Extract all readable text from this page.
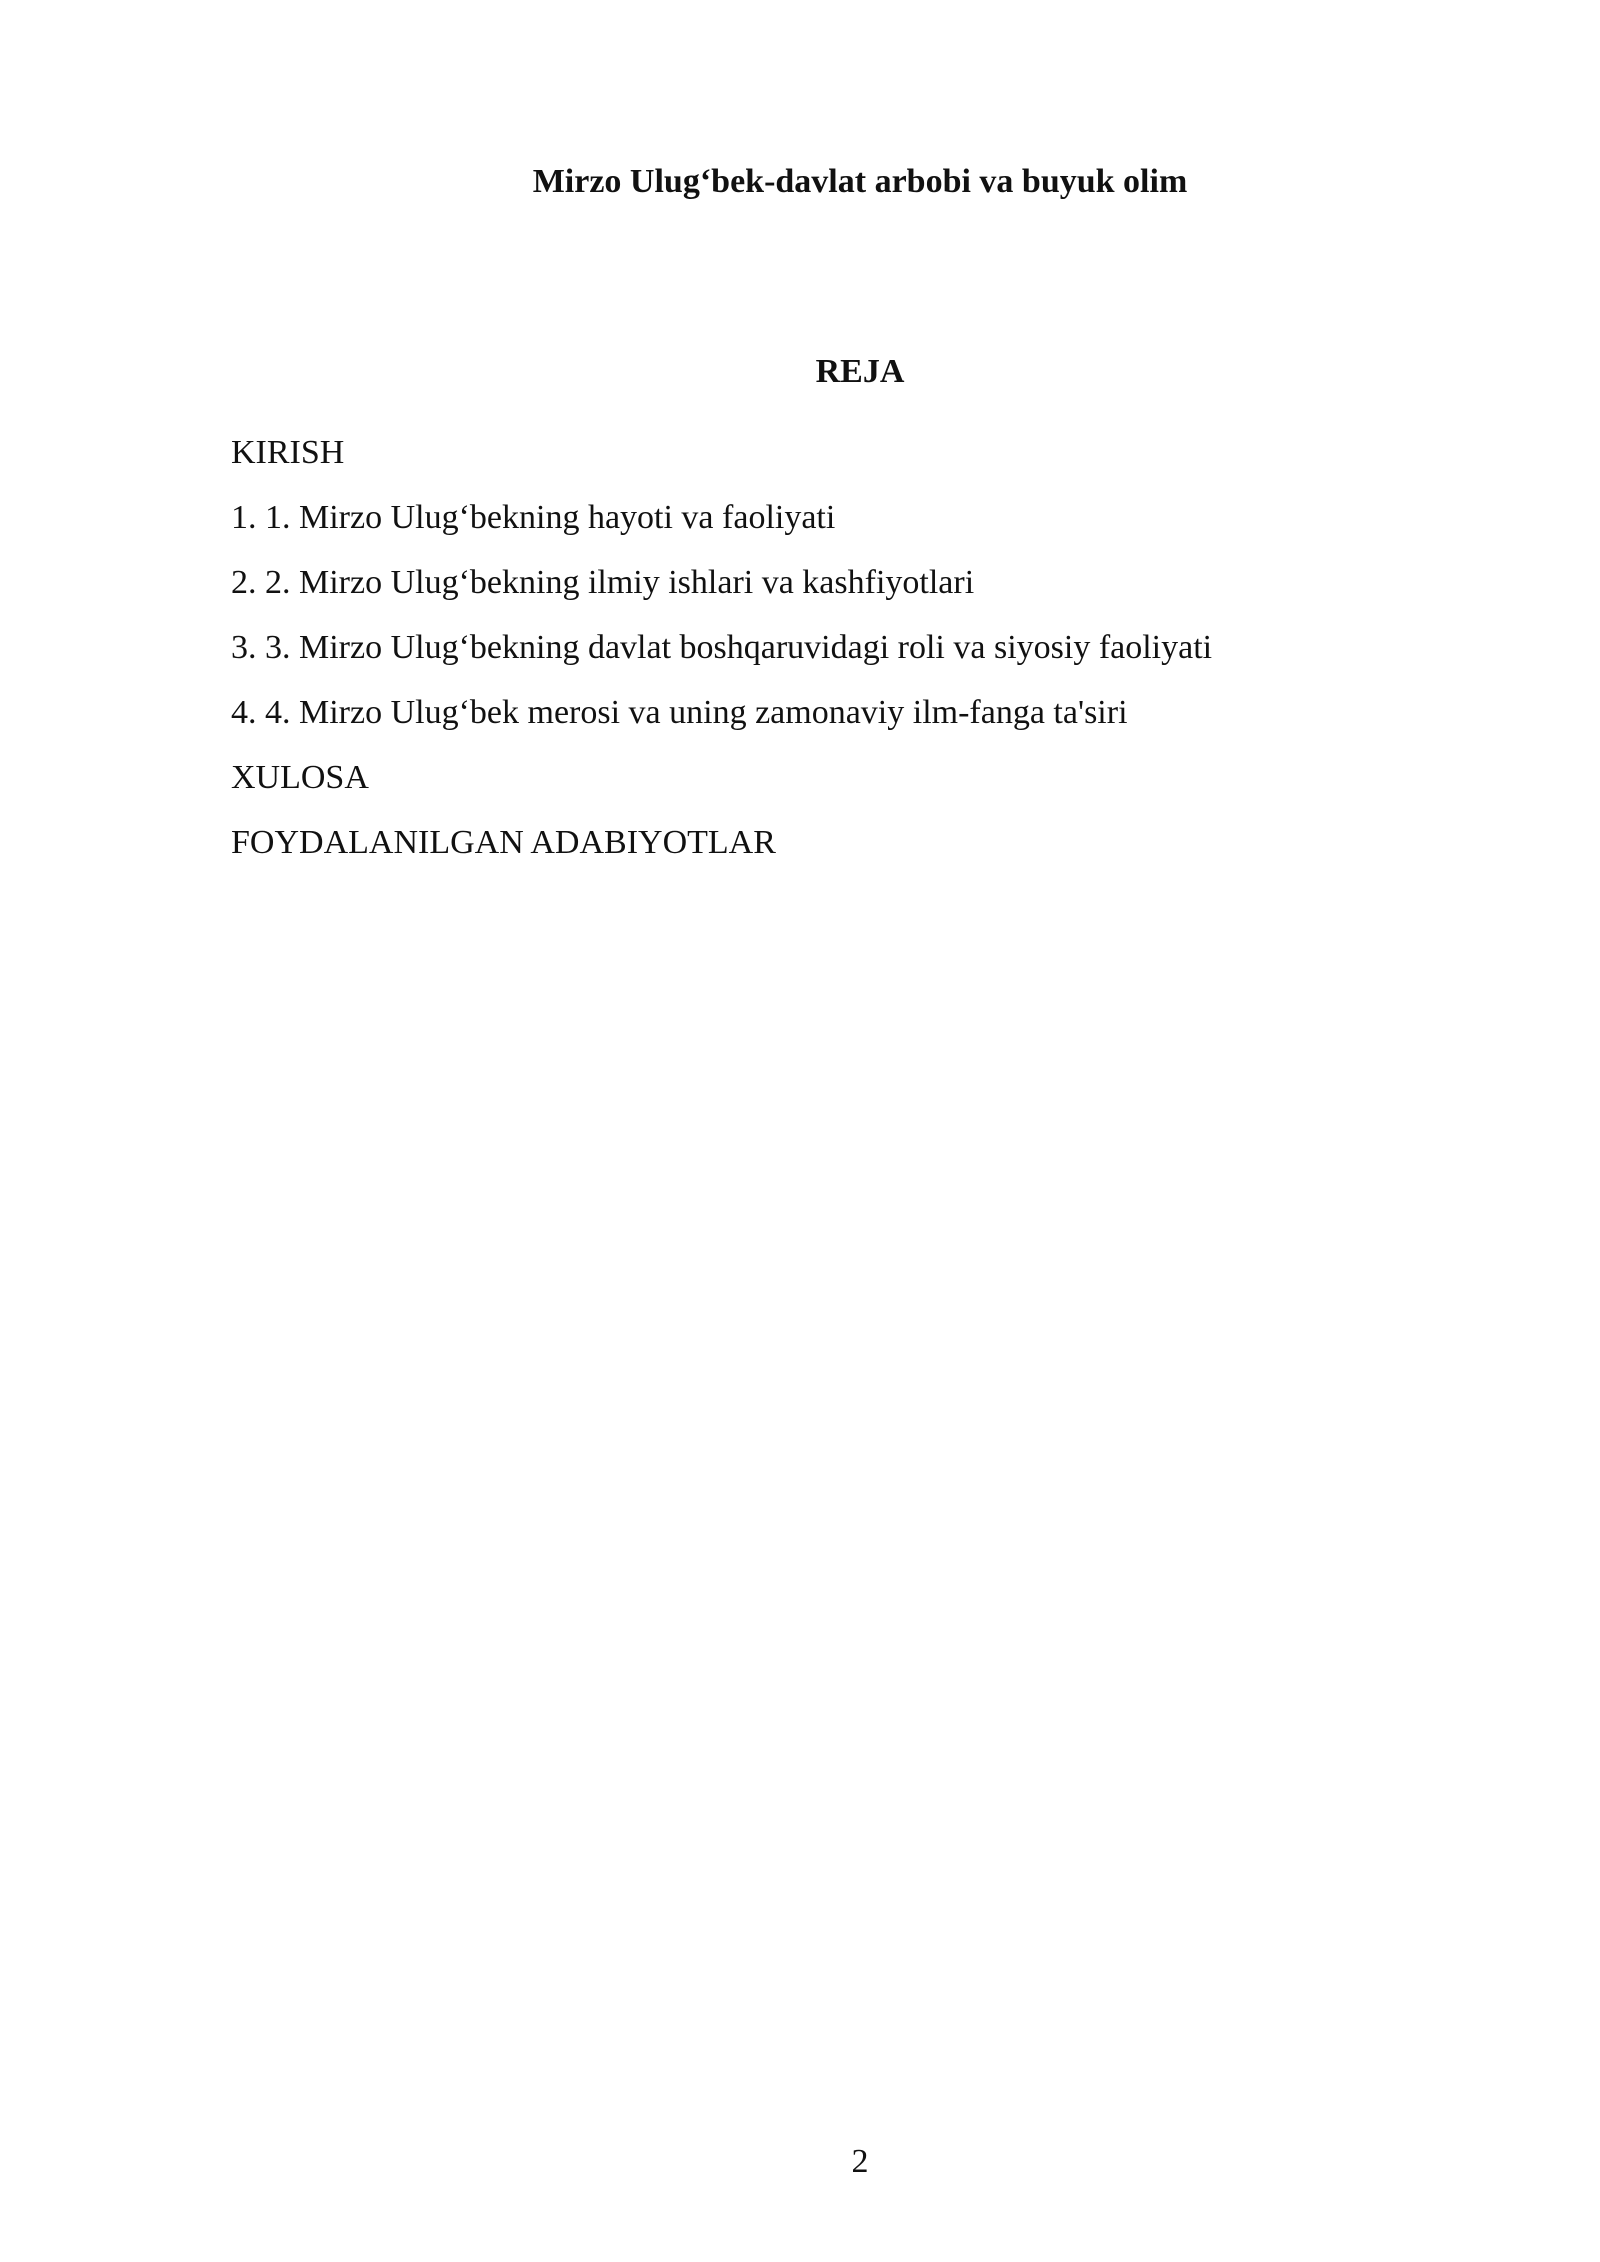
Mirzo Ulug‘bek-davlat arbobi va buyuk olim
REJA
KIRISH
1. 1. Mirzo Ulug‘bekning hayoti va faoliyati
2. 2. Mirzo Ulug‘bekning ilmiy ishlari va kashfiyotlari
3. 3. Mirzo Ulug‘bekning davlat boshqaruvidagi roli va siyosiy faoliyati
4. 4. Mirzo Ulug‘bek merosi va uning zamonaviy ilm-fanga ta'siri
XULOSA
FOYDALANILGAN ADABIYOTLAR
2
